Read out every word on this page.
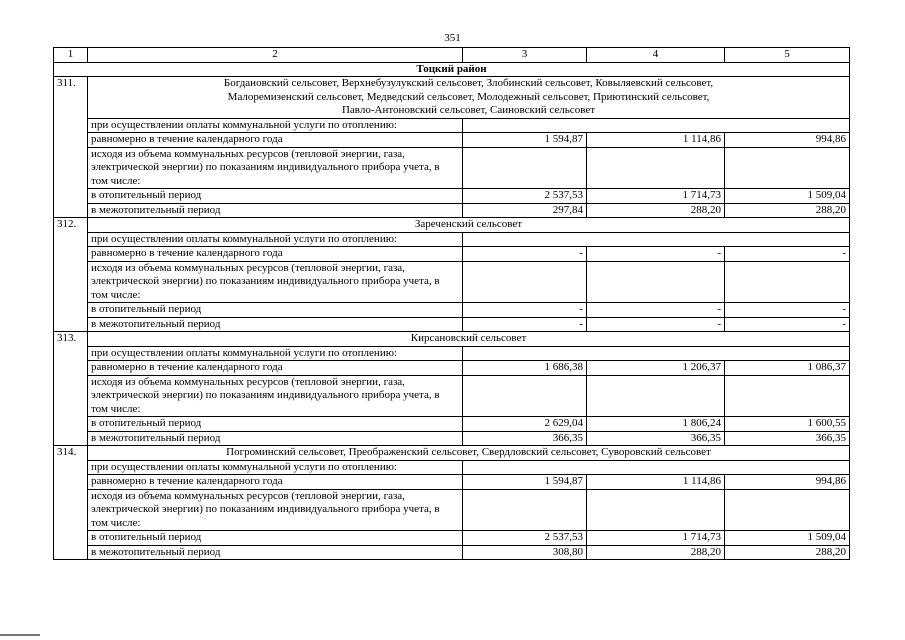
351
1	2	3	4	5
Тоцкий район				
311.	Богдановский сельсовет, Верхнебузулукский сельсовет, Злобинский сельсовет, Ковыляевский сельсовет,
Малоремизенский сельсовет, Медведский сельсовет, Молодежный сельсовет, Приютинский сельсовет,
Павло-Антоновский сельсовет, Саиновский сельсовет			

	при осуществлении оплаты коммунальной услуги по отоплению:			
	равномерно в течение календарного года	1 594,87	1 114,86	994,86
	исходя из объема коммунальных ресурсов (тепловой энергии, газа, электрической энергии) по показаниям индивидуального прибора учета, в том числе:			
	в отопительный период	2 537,53	1 714,73	1 509,04
	в межотопительный период	297,84	288,20	288,20
312.	Зареченский сельсовет			

	при осуществлении оплаты коммунальной услуги по отоплению:			
	равномерно в течение календарного года	-	-	-
	исходя из объема коммунальных ресурсов (тепловой энергии, газа, электрической энергии) по показаниям индивидуального прибора учета, в том числе:			
	в отопительный период	-	-	-
	в межотопительный период	-	-	-
313.	Кирсановский сельсовет			

	при осуществлении оплаты коммунальной услуги по отоплению:			
	равномерно в течение календарного года	1 686,38	1 206,37	1 086,37
	исходя из объема коммунальных ресурсов (тепловой энергии, газа, электрической энергии) по показаниям индивидуального прибора учета, в том числе:			
	в отопительный период	2 629,04	1 806,24	1 600,55
	в межотопительный период	366,35	366,35	366,35
314.	Погроминский сельсовет, Преображенский сельсовет, Свердловский сельсовет, Суворовский сельсовет			

	при осуществлении оплаты коммунальной услуги по отоплению:			
	равномерно в течение календарного года	1 594,87	1 114,86	994,86
	исходя из объема коммунальных ресурсов (тепловой энергии, газа, электрической энергии) по показаниям индивидуального прибора учета, в том числе:			
	в отопительный период	2 537,53	1 714,73	1 509,04
	в межотопительный период	308,80	288,20	288,20
